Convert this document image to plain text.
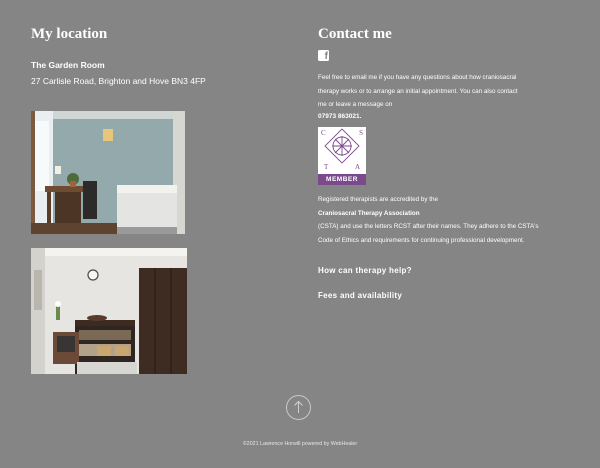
My location
The Garden Room
27 Carlisle Road, Brighton and Hove BN3 4FP
Contact me
f
Feel free to email me if you have any questions about how craniosacral
therapy works or to arrange an initial appointment. You can also contact
me or leave a message on
07973 863021.
C	S
T	A
MEMBER

Registered therapists are accredited by the

Craniosacral Therapy Association

(CSTA) and use the letters RCST after their names. They adhere to the CSTA's

Code of Ethics and requirements for continuing professional development.

How can therapy help?
Fees and availability
©2021 Lawrence Horwill powered by WebHealer
